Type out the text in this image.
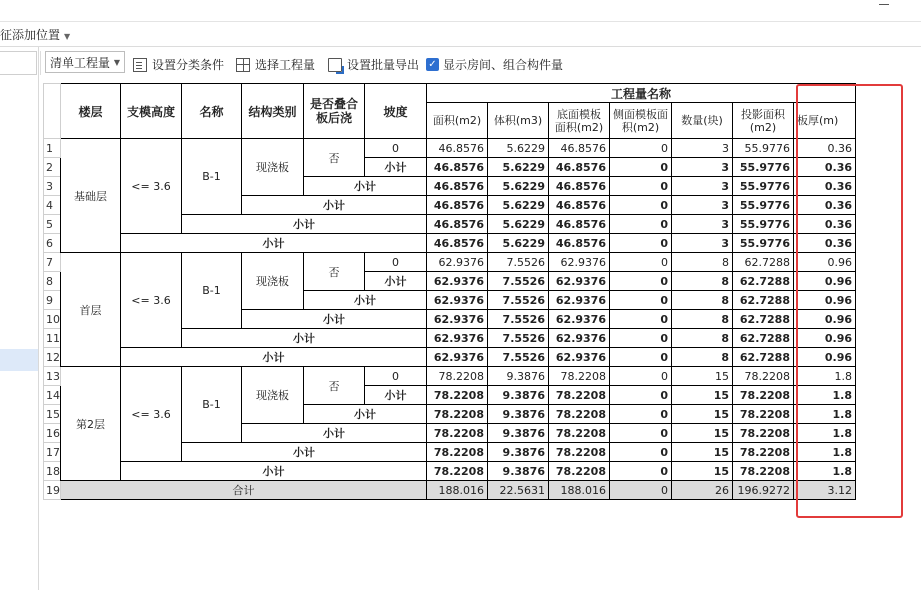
征添加位置 ▼
清单工程量 ▼	设置分类条件	选择工程量	设置批量导出 ✓ 显示房间、组合构件量
	楼层	支模高度	名称	结构类别	是否叠合板后浇	坡度	工程量名称						
							面积(m2)	体积(m3)	底面模板面积(m2)	侧面模板面积(m2)	数量(块)	投影面积(m2)	板厚(m)
1	基础层	<= 3.6	B-1	现浇板	否	0	46.8576	5.6229	46.8576	0	3	55.9776	0.36
2						小计	46.8576	5.6229	46.8576	0	3	55.9776	0.36
3					小计		46.8576	5.6229	46.8576	0	3	55.9776	0.36
4				小计			46.8576	5.6229	46.8576	0	3	55.9776	0.36
5			小计				46.8576	5.6229	46.8576	0	3	55.9776	0.36
6		小计					46.8576	5.6229	46.8576	0	3	55.9776	0.36
7	首层	<= 3.6	B-1	现浇板	否	0	62.9376	7.5526	62.9376	0	8	62.7288	0.96
8						小计	62.9376	7.5526	62.9376	0	8	62.7288	0.96
9					小计		62.9376	7.5526	62.9376	0	8	62.7288	0.96
10				小计			62.9376	7.5526	62.9376	0	8	62.7288	0.96
11			小计				62.9376	7.5526	62.9376	0	8	62.7288	0.96
12		小计					62.9376	7.5526	62.9376	0	8	62.7288	0.96
13	第2层	<= 3.6	B-1	现浇板	否	0	78.2208	9.3876	78.2208	0	15	78.2208	1.8
14						小计	78.2208	9.3876	78.2208	0	15	78.2208	1.8
15					小计		78.2208	9.3876	78.2208	0	15	78.2208	1.8
16				小计			78.2208	9.3876	78.2208	0	15	78.2208	1.8
17			小计				78.2208	9.3876	78.2208	0	15	78.2208	1.8
18		小计					78.2208	9.3876	78.2208	0	15	78.2208	1.8
19	合计						188.016	22.5631	188.016	0	26	196.9272	3.12
